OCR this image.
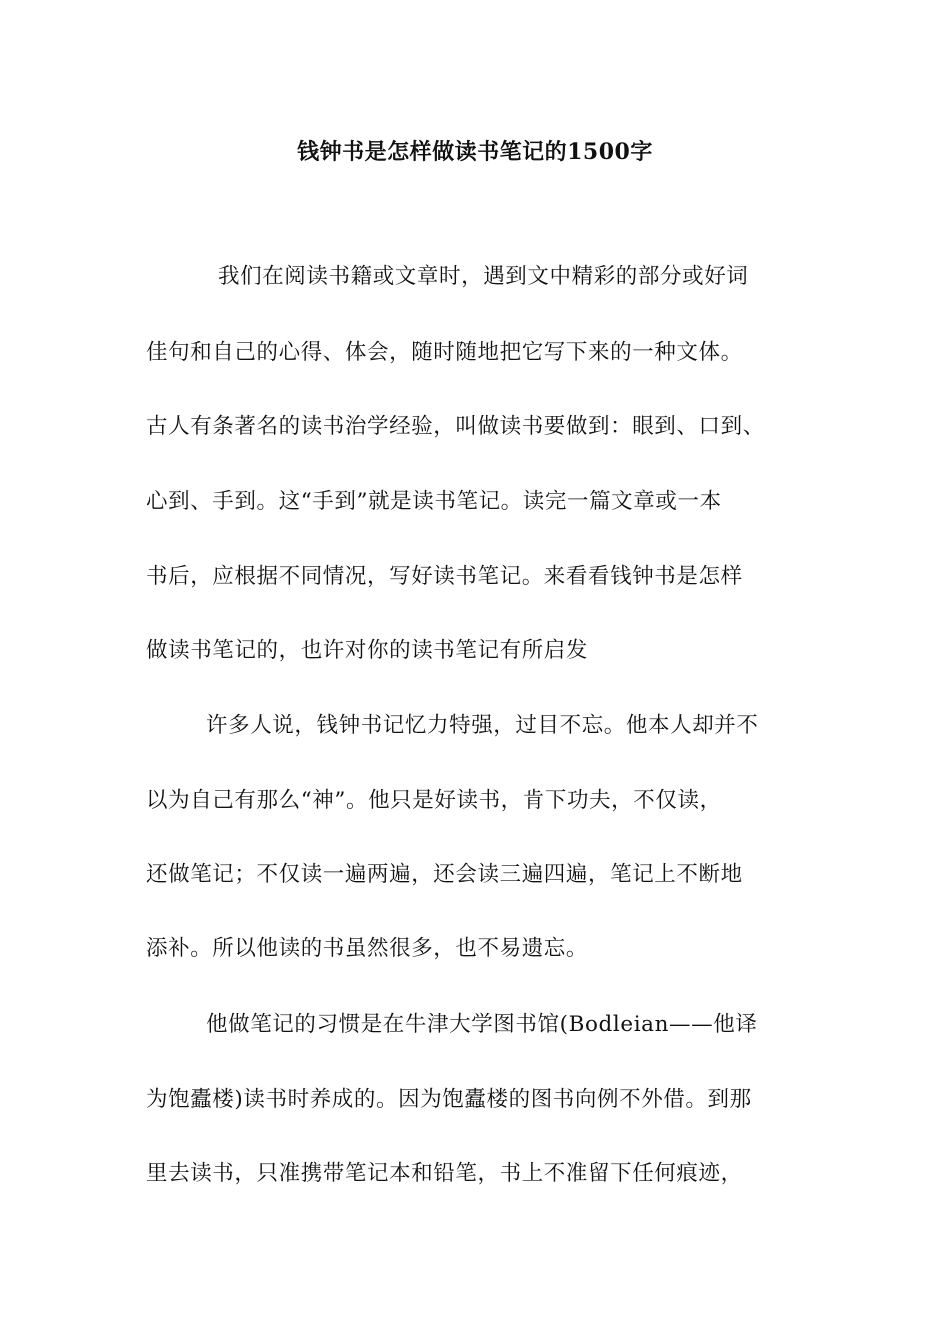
钱钟书是怎样做读书笔记的1500字
我们在阅读书籍或文章时，遇到文中精彩的部分或好词
佳句和自己的心得、体会，随时随地把它写下来的一种文体。
古人有条著名的读书治学经验，叫做读书要做到：眼到、口到、
心到、手到。这“手到”就是读书笔记。读完一篇文章或一本
书后，应根据不同情况，写好读书笔记。来看看钱钟书是怎样
做读书笔记的，也许对你的读书笔记有所启发
许多人说，钱钟书记忆力特强，过目不忘。他本人却并不
以为自己有那么“神”。他只是好读书，肯下功夫，不仅读，
还做笔记；不仅读一遍两遍，还会读三遍四遍，笔记上不断地
添补。所以他读的书虽然很多，也不易遗忘。
他做笔记的习惯是在牛津大学图书馆(Bodleian——他译
为饱蠹楼)读书时养成的。因为饱蠹楼的图书向例不外借。到那
里去读书，只准携带笔记本和铅笔，书上不准留下任何痕迹，
